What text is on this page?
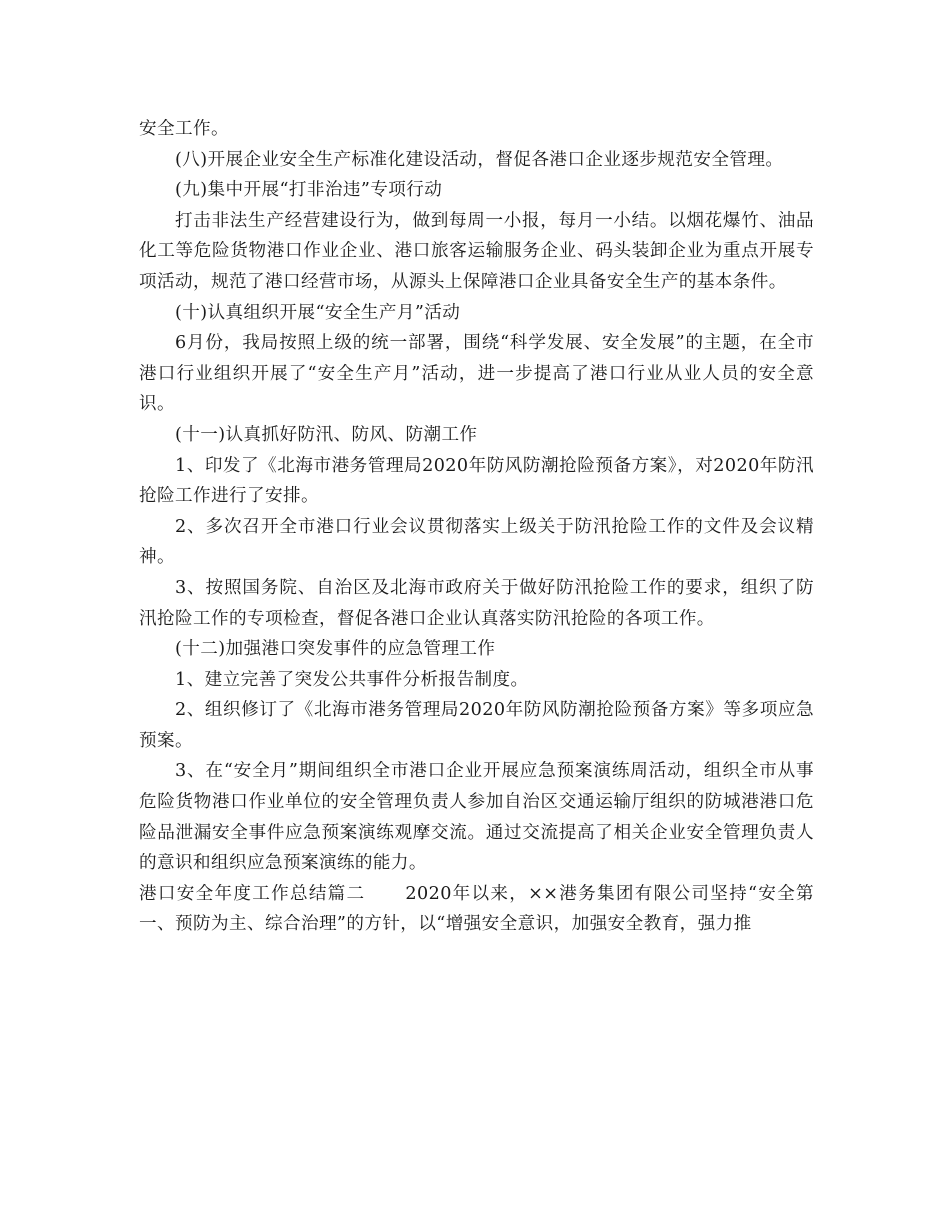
安全工作。

(八)开展企业安全生产标准化建设活动，督促各港口企业逐步规范安全管理。

(九)集中开展“打非治违”专项行动

打击非法生产经营建设行为，做到每周一小报，每月一小结。以烟花爆竹、油品化工等危险货物港口作业企业、港口旅客运输服务企业、码头装卸企业为重点开展专项活动，规范了港口经营市场，从源头上保障港口企业具备安全生产的基本条件。

(十)认真组织开展“安全生产月”活动

6月份，我局按照上级的统一部署，围绕“科学发展、安全发展”的主题，在全市港口行业组织开展了“安全生产月”活动，进一步提高了港口行业从业人员的安全意识。

(十一)认真抓好防汛、防风、防潮工作

1、印发了《北海市港务管理局2020年防风防潮抢险预备方案》，对2020年防汛抢险工作进行了安排。

2、多次召开全市港口行业会议贯彻落实上级关于防汛抢险工作的文件及会议精神。

3、按照国务院、自治区及北海市政府关于做好防汛抢险工作的要求，组织了防汛抢险工作的专项检查，督促各港口企业认真落实防汛抢险的各项工作。

(十二)加强港口突发事件的应急管理工作

1、建立完善了突发公共事件分析报告制度。

2、组织修订了《北海市港务管理局2020年防风防潮抢险预备方案》等多项应急预案。

3、在“安全月”期间组织全市港口企业开展应急预案演练周活动，组织全市从事危险货物港口作业单位的安全管理负责人参加自治区交通运输厅组织的防城港港口危险品泄漏安全事件应急预案演练观摩交流。通过交流提高了相关企业安全管理负责人的意识和组织应急预案演练的能力。

港口安全年度工作总结篇二 2020年以来，××港务集团有限公司坚持“安全第一、预防为主、综合治理”的方针，以“增强安全意识，加强安全教育，强力推
